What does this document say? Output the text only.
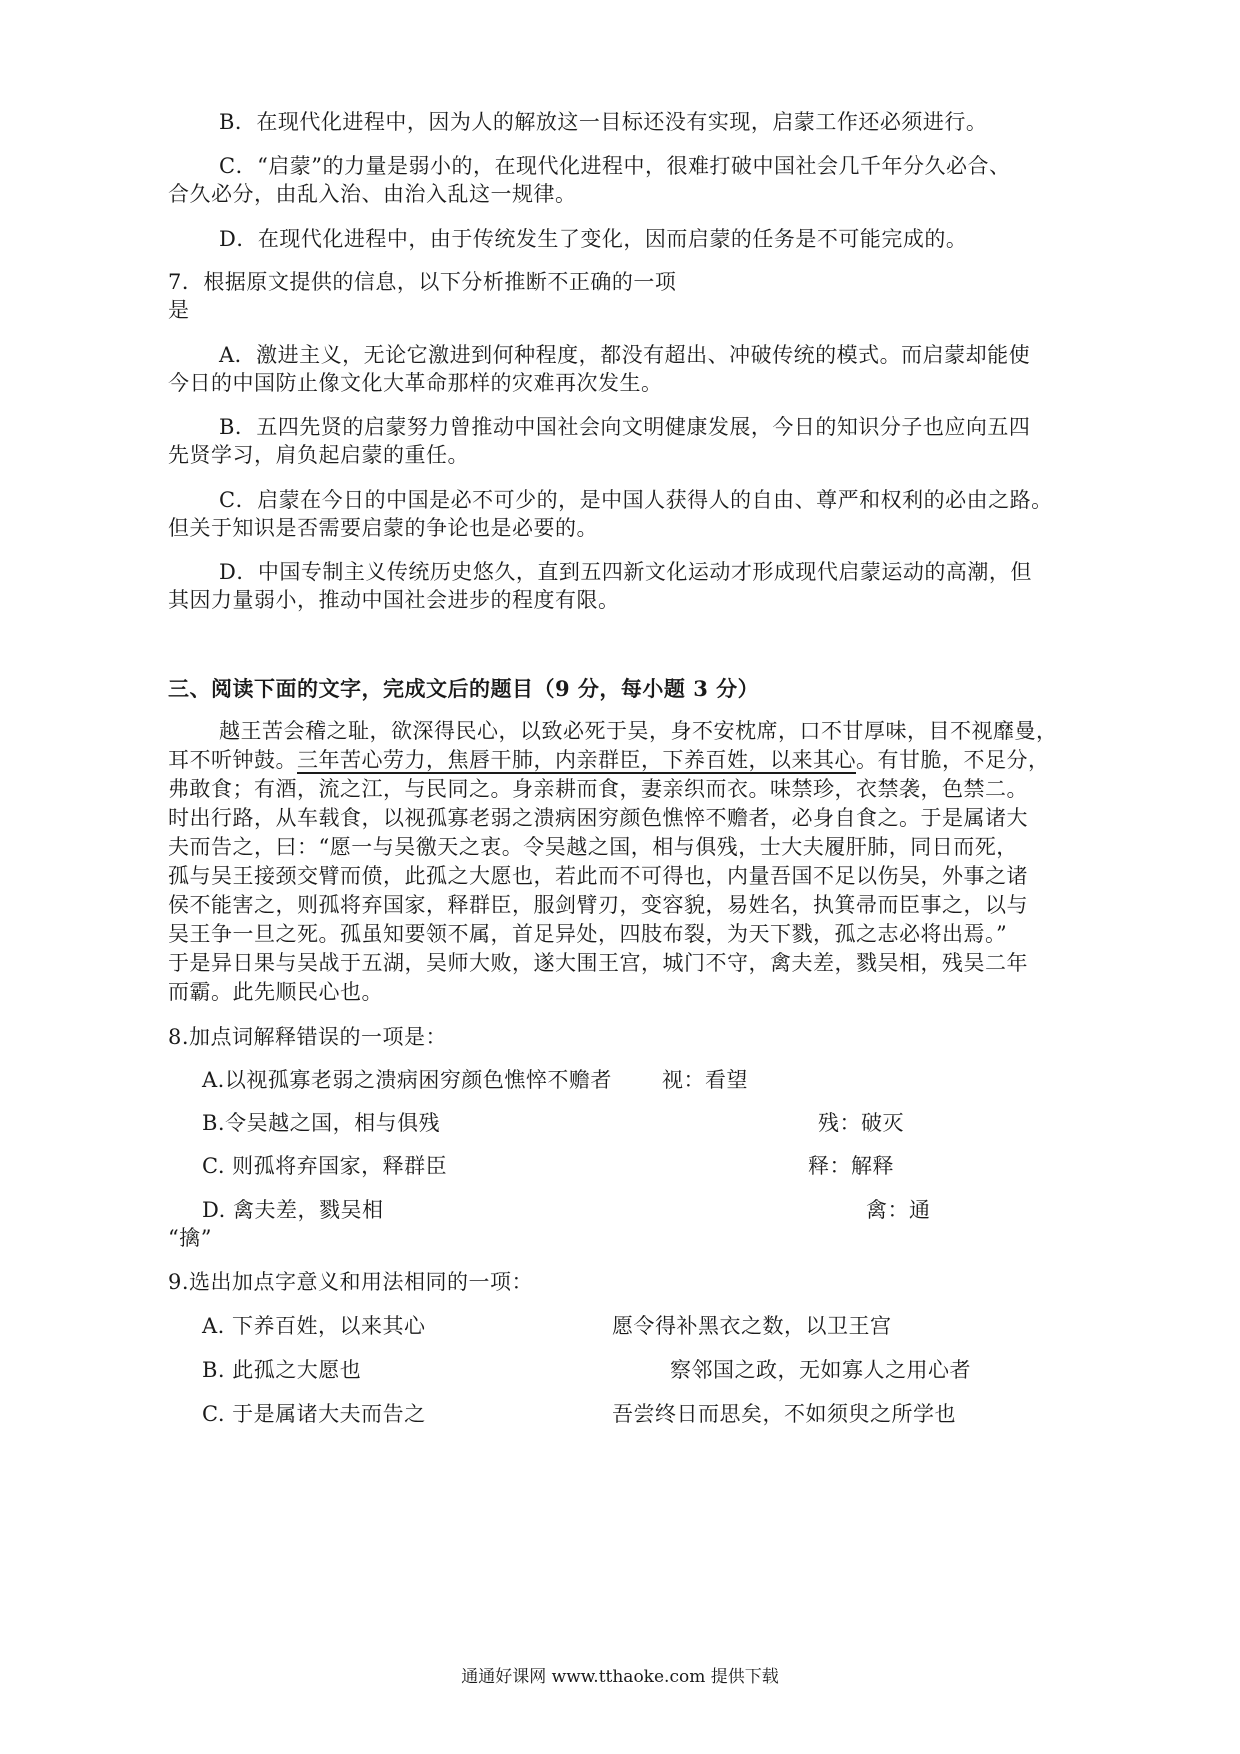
B．在现代化进程中，因为人的解放这一目标还没有实现，启蒙工作还必须进行。
C．“启蒙”的力量是弱小的，在现代化进程中，很难打破中国社会几千年分久必合、
合久必分，由乱入治、由治入乱这一规律。
D．在现代化进程中，由于传统发生了变化，因而启蒙的任务是不可能完成的。
7．根据原文提供的信息，以下分析推断不正确的一项
是
A．激进主义，无论它激进到何种程度，都没有超出、冲破传统的模式。而启蒙却能使
今日的中国防止像文化大革命那样的灾难再次发生。
B．五四先贤的启蒙努力曾推动中国社会向文明健康发展，今日的知识分子也应向五四
先贤学习，肩负起启蒙的重任。
C．启蒙在今日的中国是必不可少的，是中国人获得人的自由、尊严和权利的必由之路。
但关于知识是否需要启蒙的争论也是必要的。
D．中国专制主义传统历史悠久，直到五四新文化运动才形成现代启蒙运动的高潮，但
其因力量弱小，推动中国社会进步的程度有限。
三、阅读下面的文字，完成文后的题目（9 分，每小题 3 分）
越王苦会稽之耻，欲深得民心，以致必死于吴，身不安枕席，口不甘厚味，目不视靡曼，
耳不听钟鼓。三年苦心劳力，焦唇干肺，内亲群臣，下养百姓，以来其心。有甘脆，不足分，
弗敢食；有酒，流之江，与民同之。身亲耕而食，妻亲织而衣。味禁珍，衣禁袭，色禁二。
时出行路，从车载食，以视孤寡老弱之溃病困穷颜色憔悴不赡者，必身自食之。于是属诸大
夫而告之，曰：“愿一与吴徼天之衷。令吴越之国，相与俱残，士大夫履肝肺，同日而死，
孤与吴王接颈交臂而偾，此孤之大愿也，若此而不可得也，内量吾国不足以伤吴，外事之诸
侯不能害之，则孤将弃国家，释群臣，服剑臂刃，变容貌，易姓名，执箕帚而臣事之，以与
吴王争一旦之死。孤虽知要领不属，首足异处，四肢布裂，为天下戮，孤之志必将出焉。”
于是异日果与吴战于五湖，吴师大败，遂大围王宫，城门不守，禽夫差，戮吴相，残吴二年
而霸。此先顺民心也。
8.加点词解释错误的一项是：
A.以视孤寡老弱之溃病困穷颜色憔悴不赡者 视：看望
B.令吴越之国，相与俱残	残：破灭
C. 则孤将弃国家，释群臣	释：解释
D. 禽夫差，戮吴相	禽：通
“擒”
9.选出加点字意义和用法相同的一项：
A. 下养百姓，以来其心	愿令得补黑衣之数，以卫王宫
B. 此孤之大愿也	察邻国之政，无如寡人之用心者
C. 于是属诸大夫而告之	吾尝终日而思矣，不如须臾之所学也
通通好课网 www.tthaoke.com 提供下载
